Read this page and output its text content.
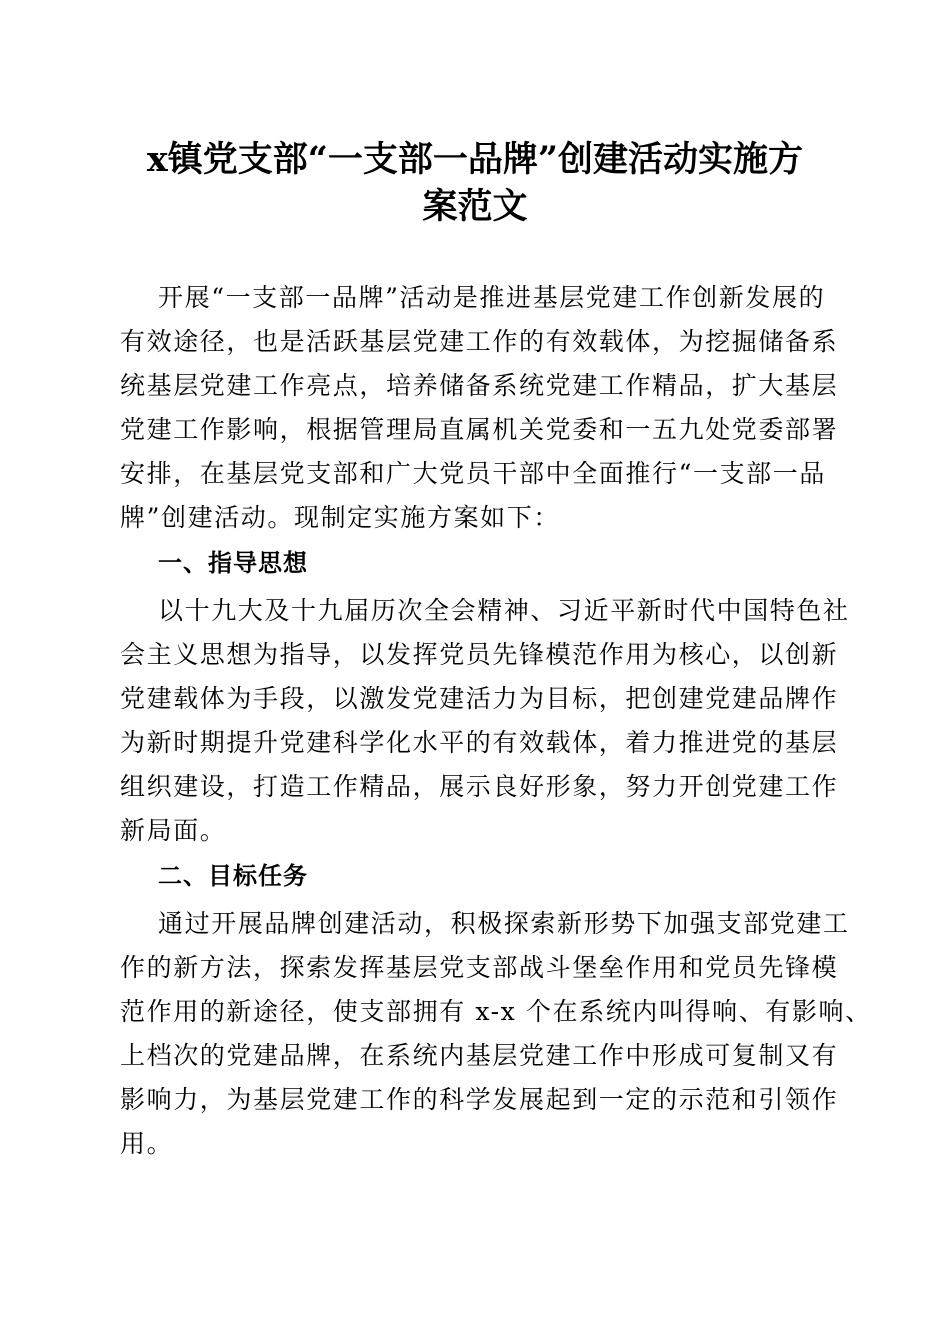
x镇党支部“一支部一品牌”创建活动实施方
案范文
开展“一支部一品牌”活动是推进基层党建工作创新发展的
有效途径，也是活跃基层党建工作的有效载体，为挖掘储备系
统基层党建工作亮点，培养储备系统党建工作精品，扩大基层
党建工作影响，根据管理局直属机关党委和一五九处党委部署
安排，在基层党支部和广大党员干部中全面推行“一支部一品
牌”创建活动。现制定实施方案如下：
一、指导思想
以十九大及十九届历次全会精神、习近平新时代中国特色社
会主义思想为指导，以发挥党员先锋模范作用为核心，以创新
党建载体为手段，以激发党建活力为目标，把创建党建品牌作
为新时期提升党建科学化水平的有效载体，着力推进党的基层
组织建设，打造工作精品，展示良好形象，努力开创党建工作
新局面。
二、目标任务
通过开展品牌创建活动，积极探索新形势下加强支部党建工
作的新方法，探索发挥基层党支部战斗堡垒作用和党员先锋模
范作用的新途径，使支部拥有 x-x 个在系统内叫得响、有影响、
上档次的党建品牌，在系统内基层党建工作中形成可复制又有
影响力，为基层党建工作的科学发展起到一定的示范和引领作
用。
